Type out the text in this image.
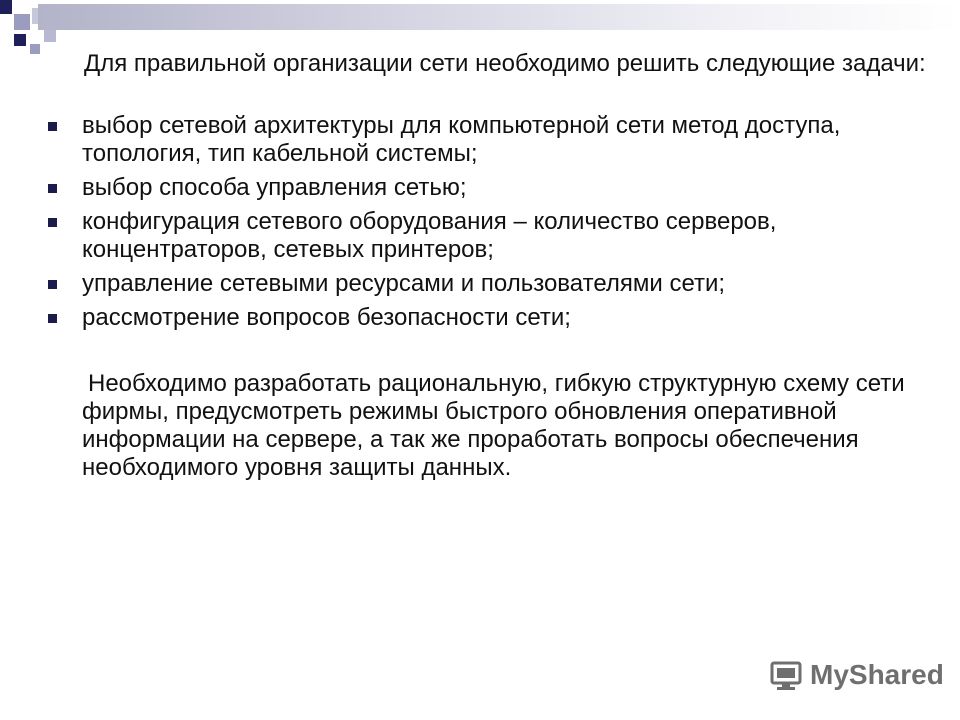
Для правильной организации сети необходимо решить следующие задачи:

выбор сетевой архитектуры для компьютерной сети метод доступа, топология, тип кабельной системы;
выбор способа управления сетью;
конфигурация сетевого оборудования – количество серверов, концентраторов, сетевых принтеров;
управление сетевыми ресурсами и пользователями сети;
рассмотрение вопросов безопасности сети;

Необходимо разработать рациональную, гибкую структурную схему сети фирмы, предусмотреть режимы быстрого обновления оперативной информации на сервере, а так же проработать вопросы обеспечения необходимого уровня защиты данных.

MyShared
